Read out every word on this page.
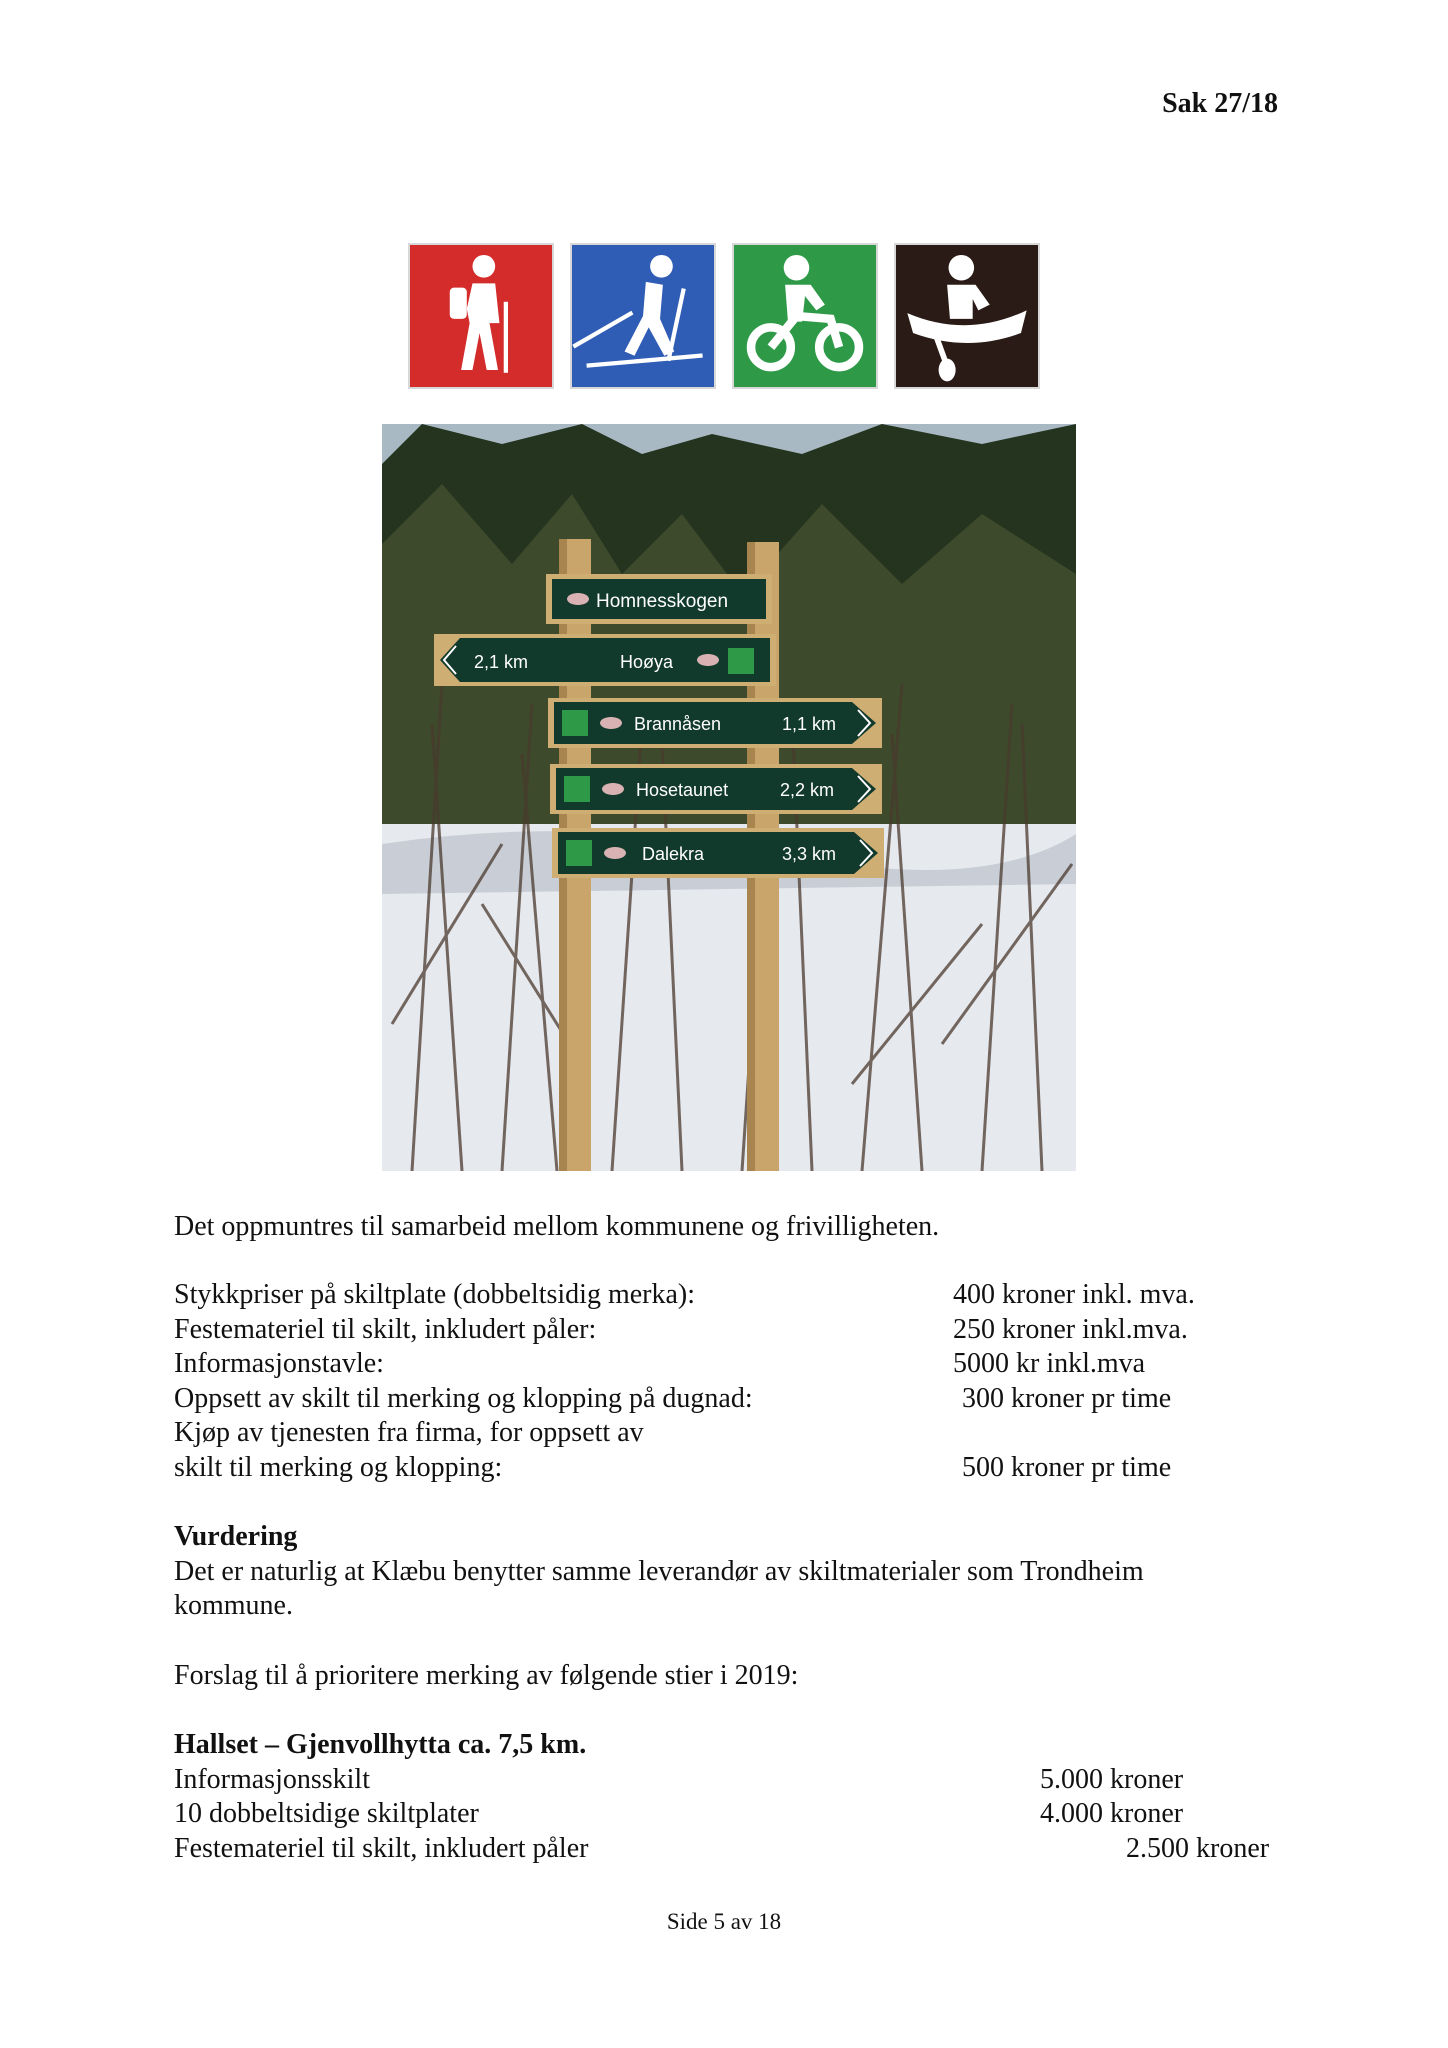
Sak 27/18
Homnesskogen
2,1 km	Hoøya
Brannåsen	1,1 km
Hosetaunet	2,2 km
Dalekra	3,3 km
Det oppmuntres til samarbeid mellom kommunene og frivilligheten.
Stykkpriser på skiltplate (dobbeltsidig merka):	400 kroner inkl. mva.
Festemateriel til skilt, inkludert påler:	250 kroner inkl.mva.
Informasjonstavle:	5000 kr inkl.mva
Oppsett av skilt til merking og klopping på dugnad:	300 kroner pr time
Kjøp av tjenesten fra firma, for oppsett av
skilt til merking og klopping:	500 kroner pr time
Vurdering
Det er naturlig at Klæbu benytter samme leverandør av skiltmaterialer som Trondheim
kommune.
Forslag til å prioritere merking av følgende stier i 2019:
Hallset – Gjenvollhytta ca. 7,5 km.
Informasjonsskilt	5.000 kroner
10 dobbeltsidige skiltplater	4.000 kroner
Festemateriel til skilt, inkludert påler	2.500 kroner
Side 5 av 18
